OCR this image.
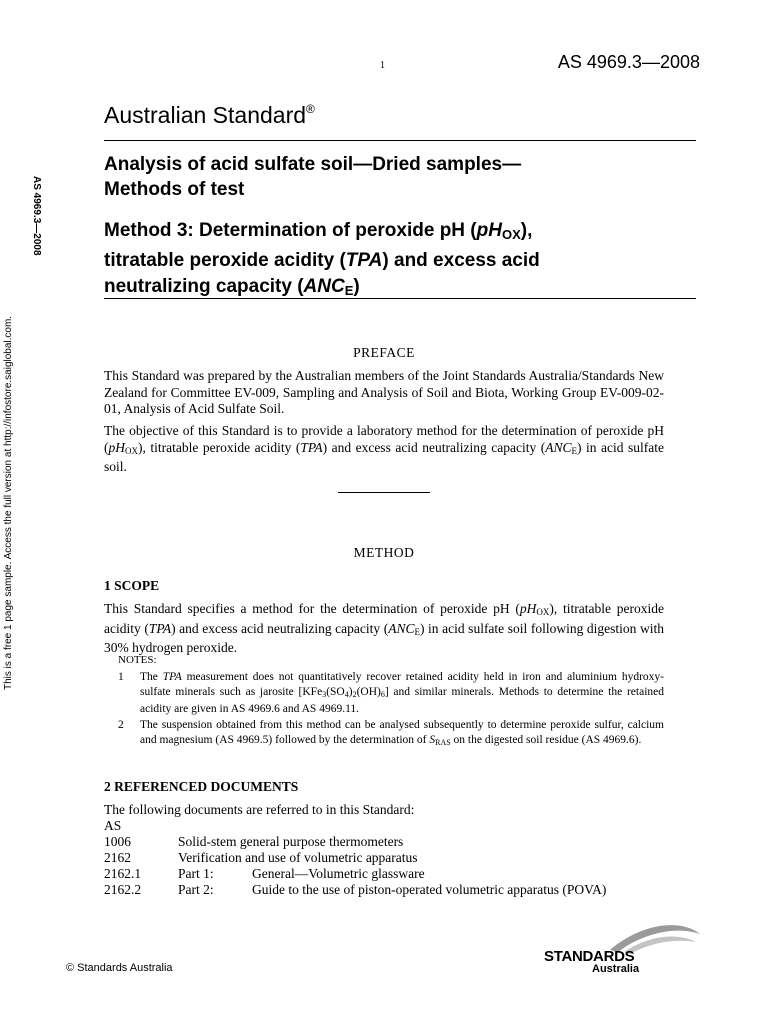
1	AS 4969.3—2008
Australian Standard®
AS 4969.3—2008
This is a free 1 page sample. Access the full version at http://infostore.saiglobal.com.
Analysis of acid sulfate soil—Dried samples—
Methods of test
Method 3: Determination of peroxide pH $(pH_{OX})$,
titratable peroxide acidity (TPA) and excess acid
neutralizing capacity $(ANC_E)$
PREFACE
This Standard was prepared by the Australian members of the Joint Standards Australia/Standards New Zealand for Committee EV-009, Sampling and Analysis of Soil and Biota, Working Group EV-009-02-01, Analysis of Acid Sulfate Soil.
The objective of this Standard is to provide a laboratory method for the determination of peroxide pH $(pH_{OX})$, titratable peroxide acidity (TPA) and excess acid neutralizing capacity $(ANC_E)$ in acid sulfate soil.
METHOD
1 SCOPE
This Standard specifies a method for the determination of peroxide pH $(pH_{OX})$, titratable peroxide acidity (TPA) and excess acid neutralizing capacity $(ANC_E)$ in acid sulfate soil following digestion with 30% hydrogen peroxide.
NOTES:
1 The TPA measurement does not quantitatively recover retained acidity held in iron and aluminium hydroxy-sulfate minerals such as jarosite $[KFe_3(SO_4)_2(OH)_6]$ and similar minerals. Methods to determine the retained acidity are given in AS 4969.6 and AS 4969.11.
2 The suspension obtained from this method can be analysed subsequently to determine peroxide sulfur, calcium and magnesium (AS 4969.5) followed by the determination of $S_{RAS}$ on the digested soil residue (AS 4969.6).
2 REFERENCED DOCUMENTS
The following documents are referred to in this Standard:
AS
1006	Solid-stem general purpose thermometers
2162	Verification and use of volumetric apparatus
2162.1	Part 1:	General—Volumetric glassware
2162.2	Part 2:	Guide to the use of piston-operated volumetric apparatus (POVA)
© Standards Australia
STANDARDS
Australia
